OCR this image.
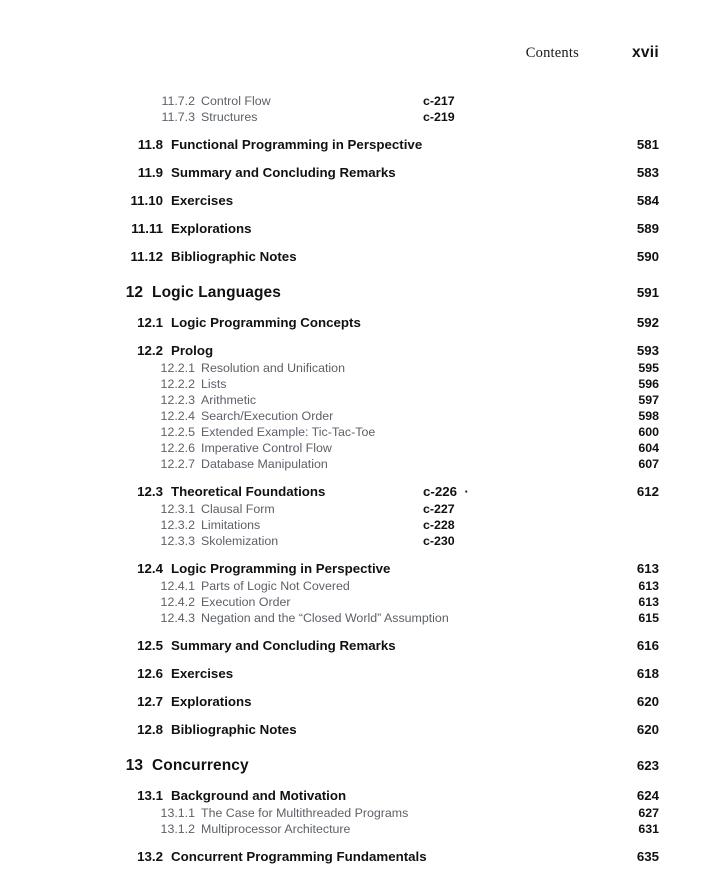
Contents	xvii
11.7.2 Control Flow	c-217
11.7.3 Structures	c-219
11.8 Functional Programming in Perspective	581
11.9 Summary and Concluding Remarks	583
11.10 Exercises	584
11.11 Explorations	589
11.12 Bibliographic Notes	590
12 Logic Languages	591
12.1 Logic Programming Concepts	592
12.2 Prolog	593
12.2.1 Resolution and Unification	595
12.2.2 Lists	596
12.2.3 Arithmetic	597
12.2.4 Search/Execution Order	598
12.2.5 Extended Example: Tic-Tac-Toe	600
12.2.6 Imperative Control Flow	604
12.2.7 Database Manipulation	607
12.3 Theoretical Foundations	c-226  ·	612
12.3.1 Clausal Form	c-227
12.3.2 Limitations	c-228
12.3.3 Skolemization	c-230
12.4 Logic Programming in Perspective	613
12.4.1 Parts of Logic Not Covered	613
12.4.2 Execution Order	613
12.4.3 Negation and the “Closed World” Assumption	615
12.5 Summary and Concluding Remarks	616
12.6 Exercises	618
12.7 Explorations	620
12.8 Bibliographic Notes	620
13 Concurrency	623
13.1 Background and Motivation	624
13.1.1 The Case for Multithreaded Programs	627
13.1.2 Multiprocessor Architecture	631
13.2 Concurrent Programming Fundamentals	635
